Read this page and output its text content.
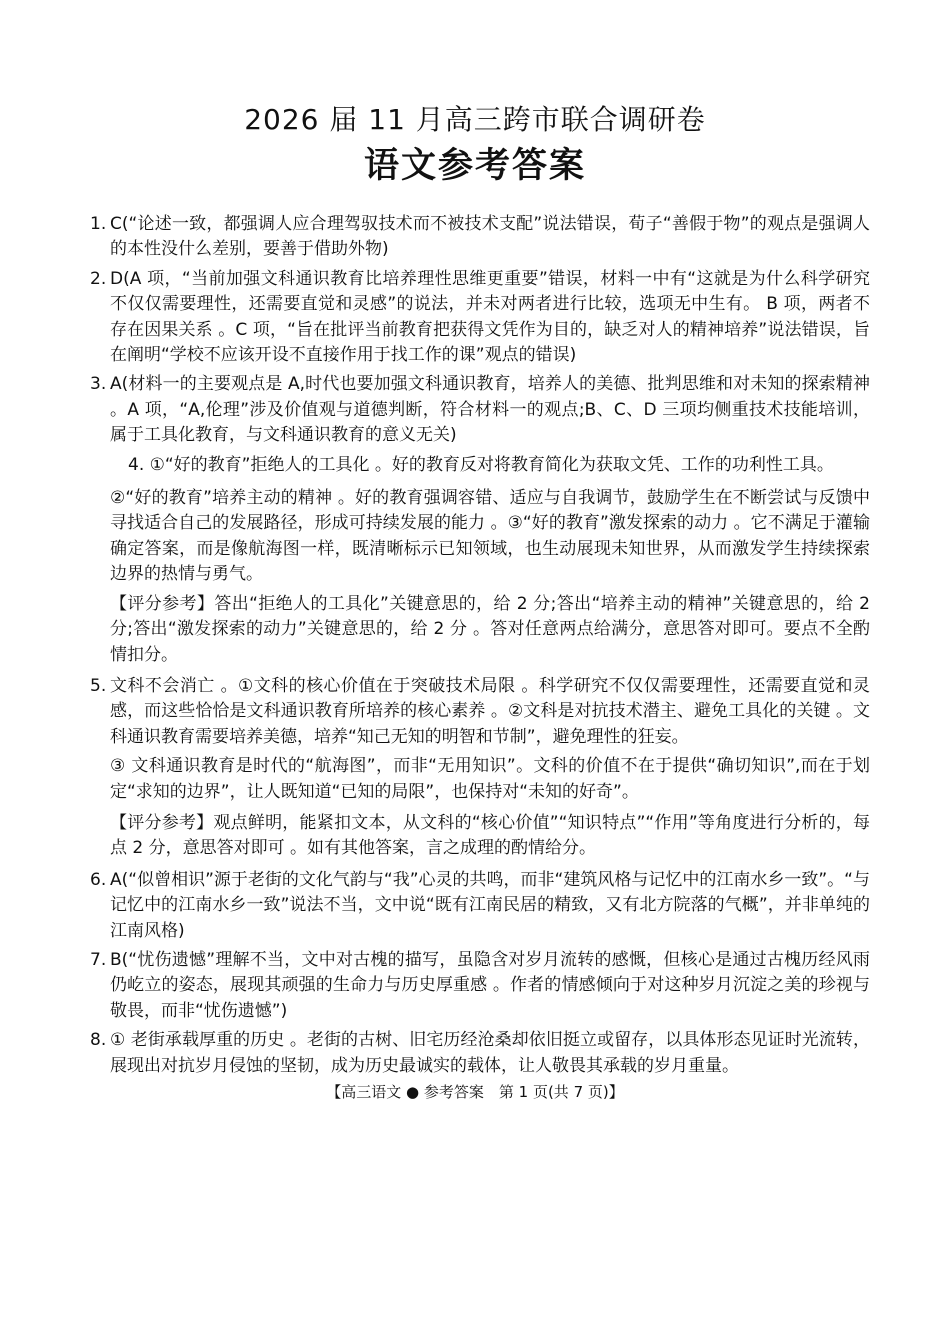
2026 届 11 月高三跨市联合调研卷
语文参考答案
1. C(“论述一致，都强调人应合理驾驭技术而不被技术支配”说法错误，荀子“善假于物”的观点是强调人的本性没什么差别，要善于借助外物)
2. D(A 项，“当前加强文科通识教育比培养理性思维更重要”错误，材料一中有“这就是为什么科学研究不仅仅需要理性，还需要直觉和灵感”的说法，并未对两者进行比较，选项无中生有。 B 项，两者不存在因果关系 。C 项，“旨在批评当前教育把获得文凭作为目的，缺乏对人的精神培养”说法错误，旨在阐明“学校不应该开设不直接作用于找工作的课”观点的错误)
3. A(材料一的主要观点是 A,时代也要加强文科通识教育，培养人的美德、批判思维和对未知的探索精神 。A 项，“A,伦理”涉及价值观与道德判断，符合材料一的观点;B、C、D 三项均侧重技术技能培训，属于工具化教育，与文科通识教育的意义无关)
4. ①“好的教育”拒绝人的工具化 。好的教育反对将教育简化为获取文凭、工作的功利性工具。
②“好的教育”培养主动的精神 。好的教育强调容错、适应与自我调节，鼓励学生在不断尝试与反馈中寻找适合自己的发展路径，形成可持续发展的能力 。③“好的教育”激发探索的动力 。它不满足于灌输确定答案，而是像航海图一样，既清晰标示已知领域，也生动展现未知世界，从而激发学生持续探索边界的热情与勇气。
【评分参考】答出“拒绝人的工具化”关键意思的，给 2 分;答出“培养主动的精神”关键意思的，给 2 分;答出“激发探索的动力”关键意思的，给 2 分 。答对任意两点给满分，意思答对即可。要点不全酌情扣分。
5. 文科不会消亡 。①文科的核心价值在于突破技术局限 。科学研究不仅仅需要理性，还需要直觉和灵感，而这些恰恰是文科通识教育所培养的核心素养 。②文科是对抗技术潜主、避免工具化的关键 。文科通识教育需要培养美德，培养“知己无知的明智和节制”，避免理性的狂妄。
③ 文科通识教育是时代的“航海图”，而非“无用知识”。文科的价值不在于提供“确切知识”,而在于划定“求知的边界”，让人既知道“已知的局限”，也保持对“未知的好奇”。
【评分参考】观点鲜明，能紧扣文本，从文科的“核心价值”“知识特点”“作用”等角度进行分析的，每点 2 分，意思答对即可 。如有其他答案，言之成理的酌情给分。
6. A(“似曾相识”源于老街的文化气韵与“我”心灵的共鸣，而非“建筑风格与记忆中的江南水乡一致”。“与记忆中的江南水乡一致”说法不当，文中说“既有江南民居的精致，又有北方院落的气概”，并非单纯的江南风格)
7. B(“忧伤遗憾”理解不当，文中对古槐的描写，虽隐含对岁月流转的感慨，但核心是通过古槐历经风雨仍屹立的姿态，展现其顽强的生命力与历史厚重感 。作者的情感倾向于对这种岁月沉淀之美的珍视与敬畏，而非“忧伤遗憾”)
8. ① 老街承载厚重的历史 。老街的古树、旧宅历经沧桑却依旧挺立或留存，以具体形态见证时光流转，展现出对抗岁月侵蚀的坚韧，成为历史最诚实的载体，让人敬畏其承载的岁月重量。
【高三语文 ● 参考答案　第 1 页(共 7 页)】
